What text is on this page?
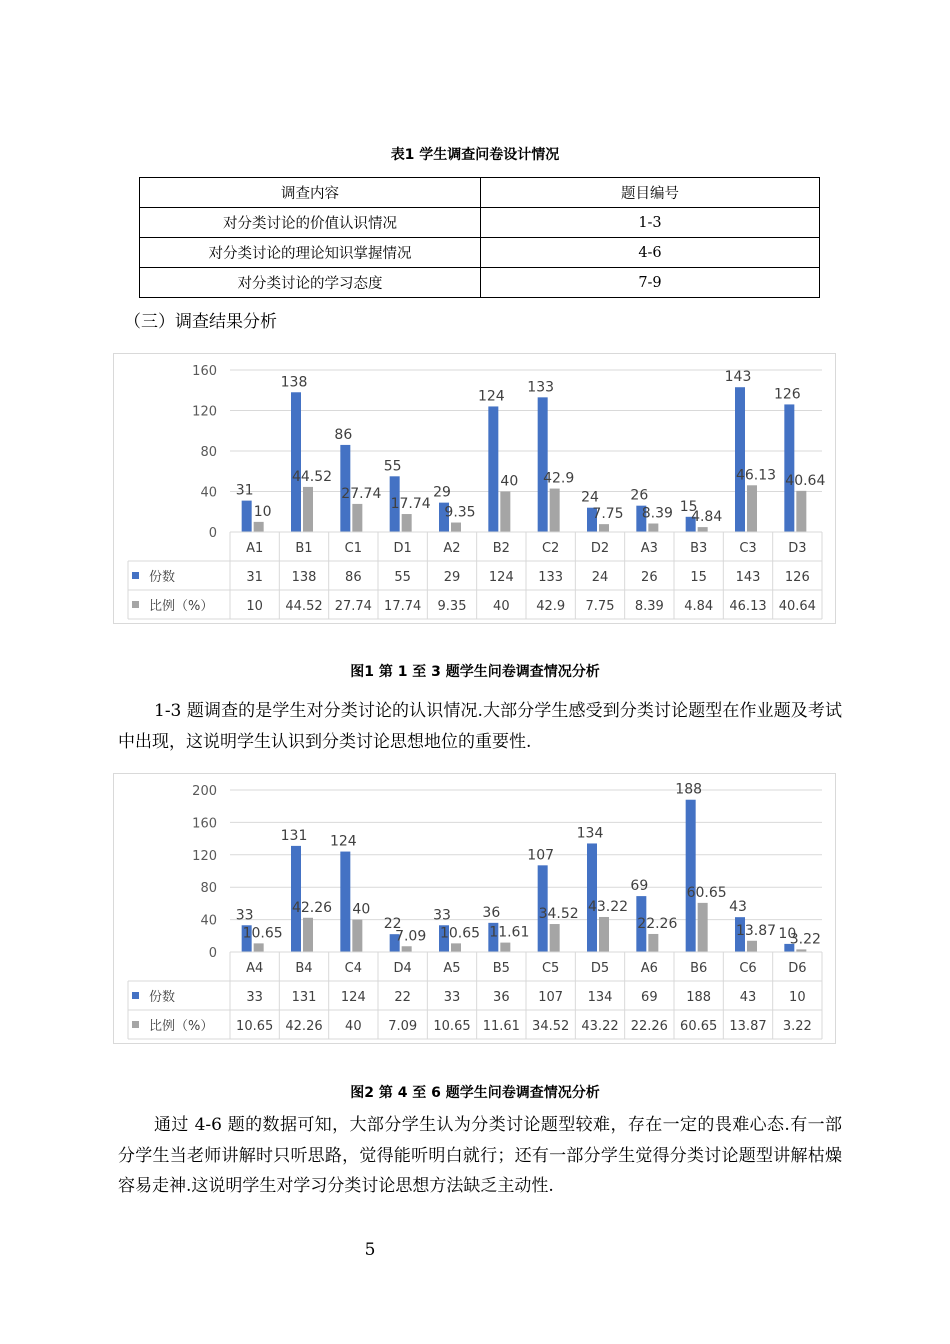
表1 学生调查问卷设计情况
调查内容	题目编号
对分类讨论的价值认识情况	1-3
对分类讨论的理论知识掌握情况	4-6
对分类讨论的学习态度	7-9
（三）调查结果分析
0
40
80
120
160
31
138
86
55
29
124
133
24 26
15
143
126
10
44.52
27.74
17.74
9.35
40 42.9
7.75 8.39 4.84
46.13 40.64
A1 B1 C1 D1 A2 B2 C2 D2 A3 B3 C3 D3
份数	31 138 86	55	29 124 133 24	26	15 143 126
比例（%）	10 44.52 27.74 17.74 9.35 40 42.9 7.75 8.39 4.84 46.13 40.64
图1 第 1 至 3 题学生问卷调查情况分析

1-3 题调查的是学生对分类讨论的认识情况.大部分学生感受到分类讨论题型在作业题及考试中出现，这说明学生认识到分类讨论思想地位的重要性.

0
40
80
120
160
200
33
131 124
22
33 36
107
134
69
188
43
10
10.65
42.26 40
7.09 10.65 11.61
34.52 43.22
22.26
60.65
13.87
3.22
A4 B4 C4 D4 A5 B5 C5 D5 A6 B6 C6 D6
份数	33 131 124 22	33	36 107 134 69 188 43	10
比例（%） 10.65 42.26 40 7.09 10.65 11.61 34.52 43.22 22.26 60.65 13.87 3.22
图2 第 4 至 6 题学生问卷调查情况分析

通过 4-6 题的数据可知，大部分学生认为分类讨论题型较难，存在一定的畏难心态.有一部分学生当老师讲解时只听思路，觉得能听明白就行；还有一部分学生觉得分类讨论题型讲解枯燥容易走神.这说明学生对学习分类讨论思想方法缺乏主动性.

5
